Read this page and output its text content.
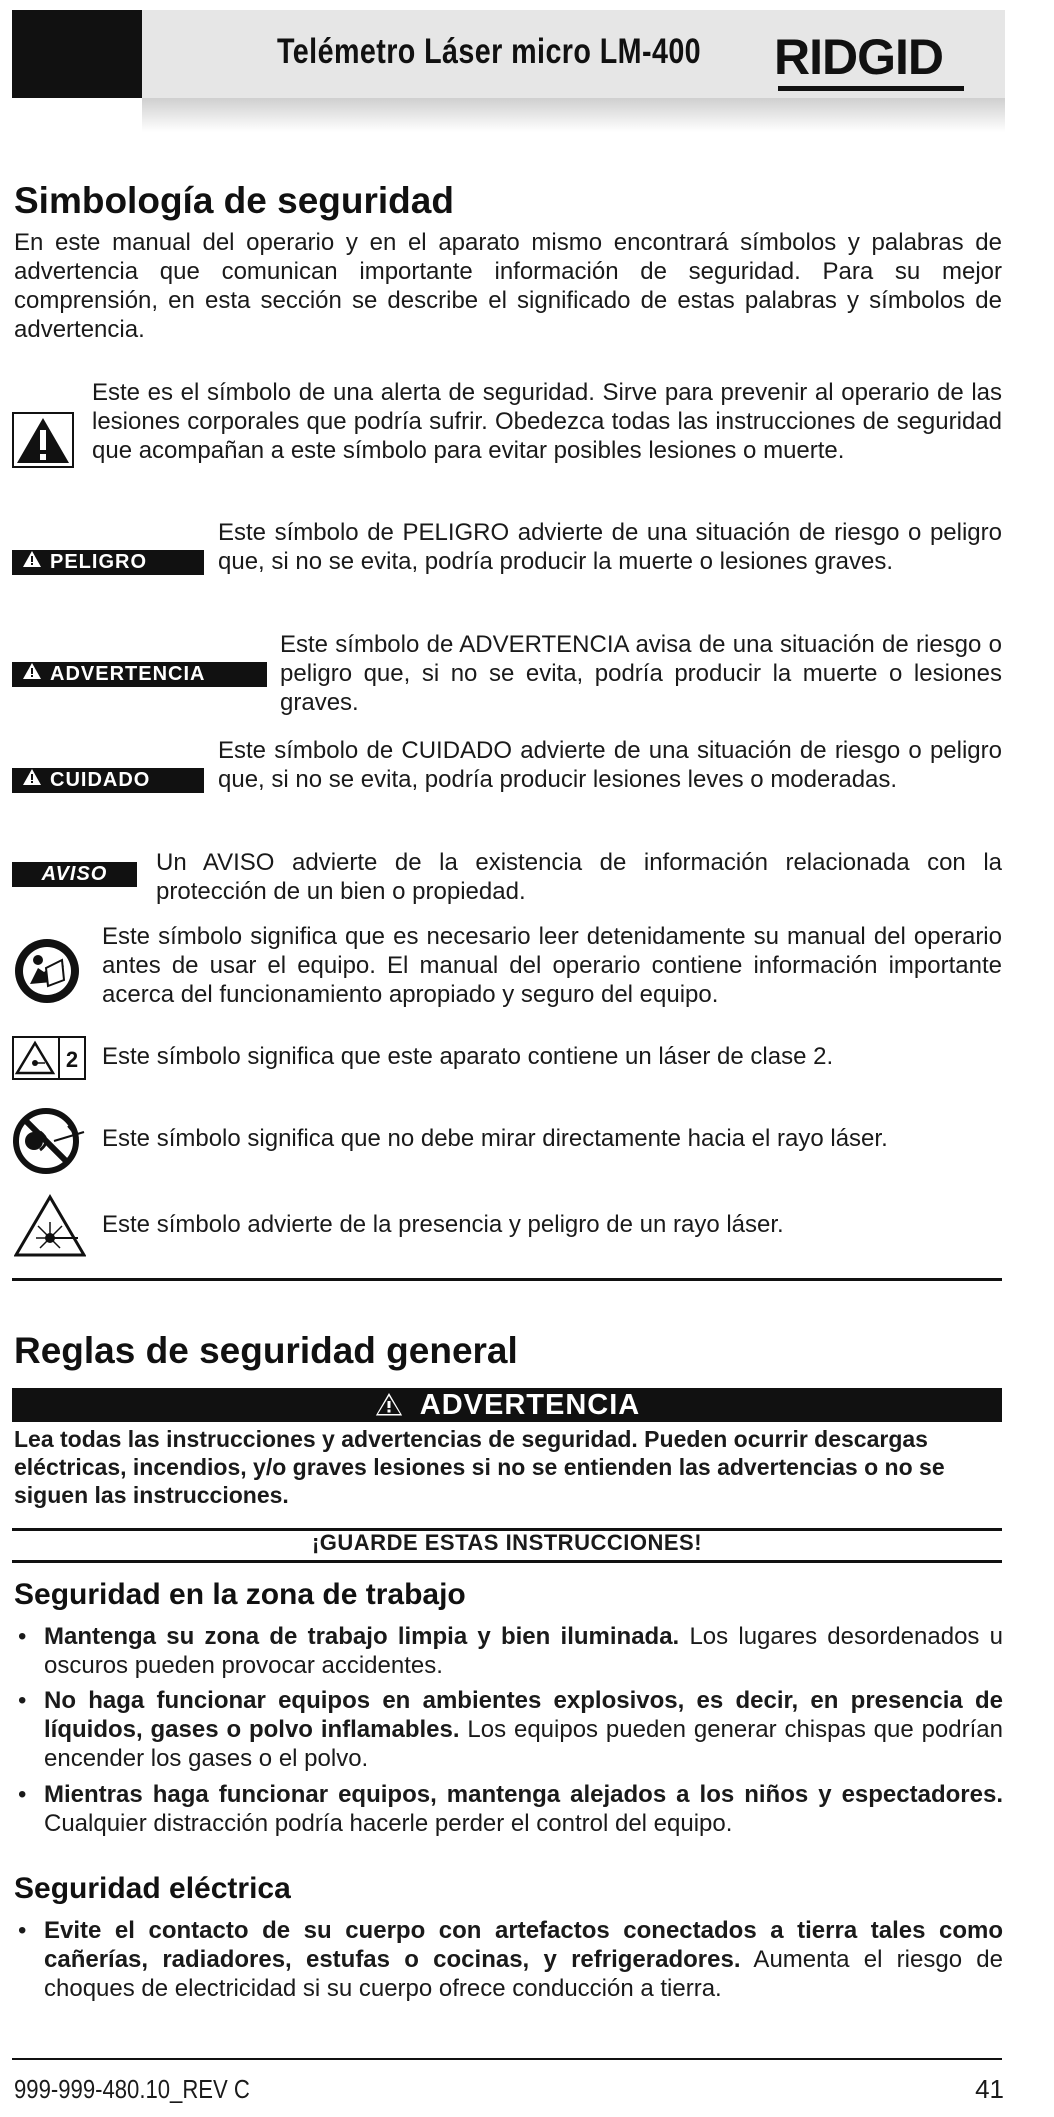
Telémetro Láser micro LM-400 RIDGID
Simbología de seguridad

En este manual del operario y en el aparato mismo encontrará símbolos y palabras de advertencia que comunican importante información de seguridad. Para su mejor comprensión, en esta sección se describe el significado de estas palabras y símbolos de advertencia.

Este es el símbolo de una alerta de seguridad. Sirve para prevenir al operario de las lesiones corporales que podría sufrir. Obedezca todas las instrucciones de seguridad que acompañan a este símbolo para evitar posibles lesiones o muerte.

PELIGRO

Este símbolo de PELIGRO advierte de una situación de riesgo o peligro que, si no se evita, podría producir la muerte o lesiones graves.

ADVERTENCIA

Este símbolo de ADVERTENCIA avisa de una situación de riesgo o peligro que, si no se evita, podría producir la muerte o lesiones graves.

CUIDADO

Este símbolo de CUIDADO advierte de una situación de riesgo o peligro que, si no se evita, podría producir lesiones leves o moderadas.

AVISO	Un AVISO advierte de la existencia de información relacionada con la protección de un bien o propiedad.

Este símbolo significa que es necesario leer detenidamente su manual del operario antes de usar el equipo. El manual del operario contiene información importante acerca del funcionamiento apropiado y seguro del equipo.

2 Este símbolo significa que este aparato contiene un láser de clase 2.

Este símbolo significa que no debe mirar directamente hacia el rayo láser.

Este símbolo advierte de la presencia y peligro de un rayo láser.

Reglas de seguridad general
ADVERTENCIA

Lea todas las instrucciones y advertencias de seguridad. Pueden ocurrir descargas eléctricas, incendios, y/o graves lesiones si no se entienden las advertencias o no se siguen las instrucciones.

¡GUARDE ESTAS INSTRUCCIONES!
Seguridad en la zona de trabajo
• Mantenga su zona de trabajo limpia y bien iluminada. Los lugares desordenados u oscuros pueden provocar accidentes.
• No haga funcionar equipos en ambientes explosivos, es decir, en presencia de líquidos, gases o polvo inflamables. Los equipos pueden generar chispas que podrían encender los gases o el polvo.
• Mientras haga funcionar equipos, mantenga alejados a los niños y espectadores. Cualquier distracción podría hacerle perder el control del equipo.
Seguridad eléctrica
• Evite el contacto de su cuerpo con artefactos conectados a tierra tales como cañerías, radiadores, estufas o cocinas, y refrigeradores. Aumenta el riesgo de choques de electricidad si su cuerpo ofrece conducción a tierra.
999-999-480.10_REV C	41
